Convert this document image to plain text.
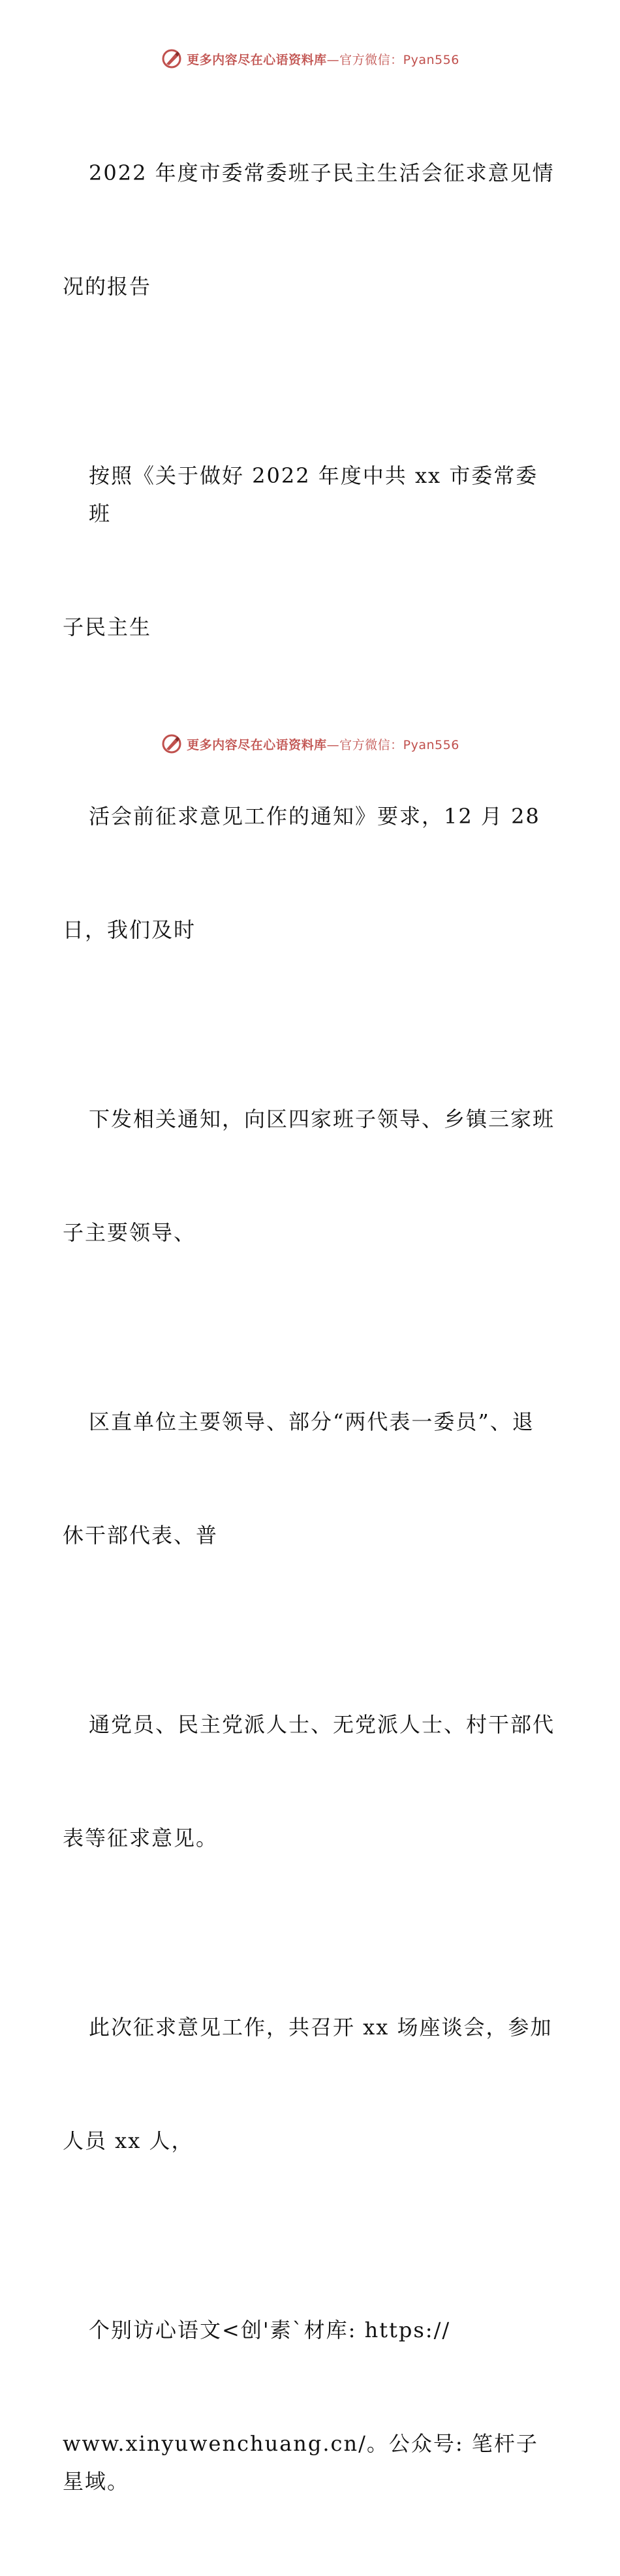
更多内容尽在心语资料库—官方微信：Pyan556

2022 年度市委常委班子民主生活会征求意见情

况的报告

按照《关于做好 2022 年度中共 xx 市委常委班

子民主生

活会前征求意见工作的通知》要求，12 月 28

日，我们及时

下发相关通知，向区四家班子领导、乡镇三家班

子主要领导、

区直单位主要领导、部分“两代表一委员”、退

休干部代表、普

通党员、民主党派人士、无党派人士、村干部代

表等征求意见。

此次征求意见工作，共召开 xx 场座谈会，参加

人员 xx 人，

个别访心语文<创'素`材库: https://

www.xinyuwenchuang.cn/。公众号: 笔杆子星域。

更多内容尽在心语资料库—官方微信：Pyan556
